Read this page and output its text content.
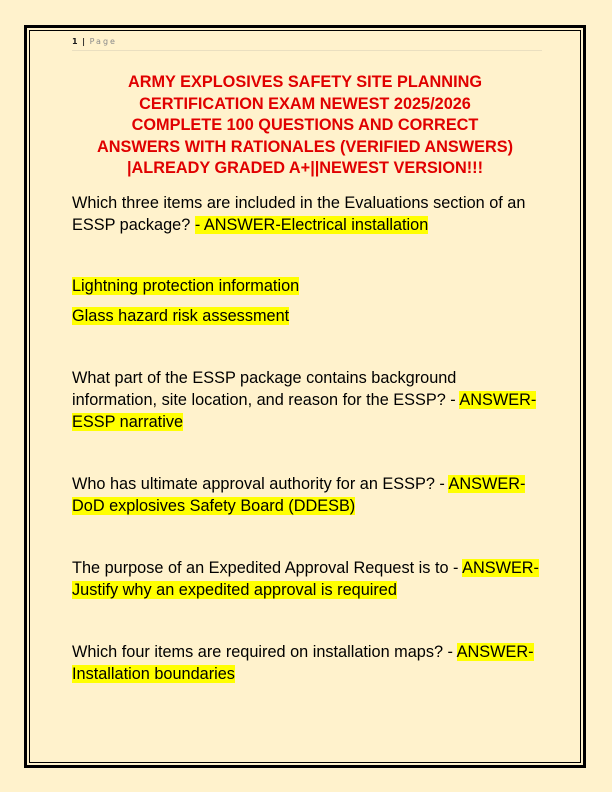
1 | Page
ARMY EXPLOSIVES SAFETY SITE PLANNING
CERTIFICATION EXAM NEWEST 2025/2026
COMPLETE 100 QUESTIONS AND CORRECT
ANSWERS WITH RATIONALES (VERIFIED ANSWERS)
|ALREADY GRADED A+||NEWEST VERSION!!!

Which three items are included in the Evaluations section of an ESSP package? - ANSWER-Electrical installation

Lightning protection information

Glass hazard risk assessment

What part of the ESSP package contains background information, site location, and reason for the ESSP? - ANSWER-ESSP narrative

Who has ultimate approval authority for an ESSP? - ANSWER-DoD explosives Safety Board (DDESB)

The purpose of an Expedited Approval Request is to - ANSWER-Justify why an expedited approval is required

Which four items are required on installation maps? - ANSWER-Installation boundaries
